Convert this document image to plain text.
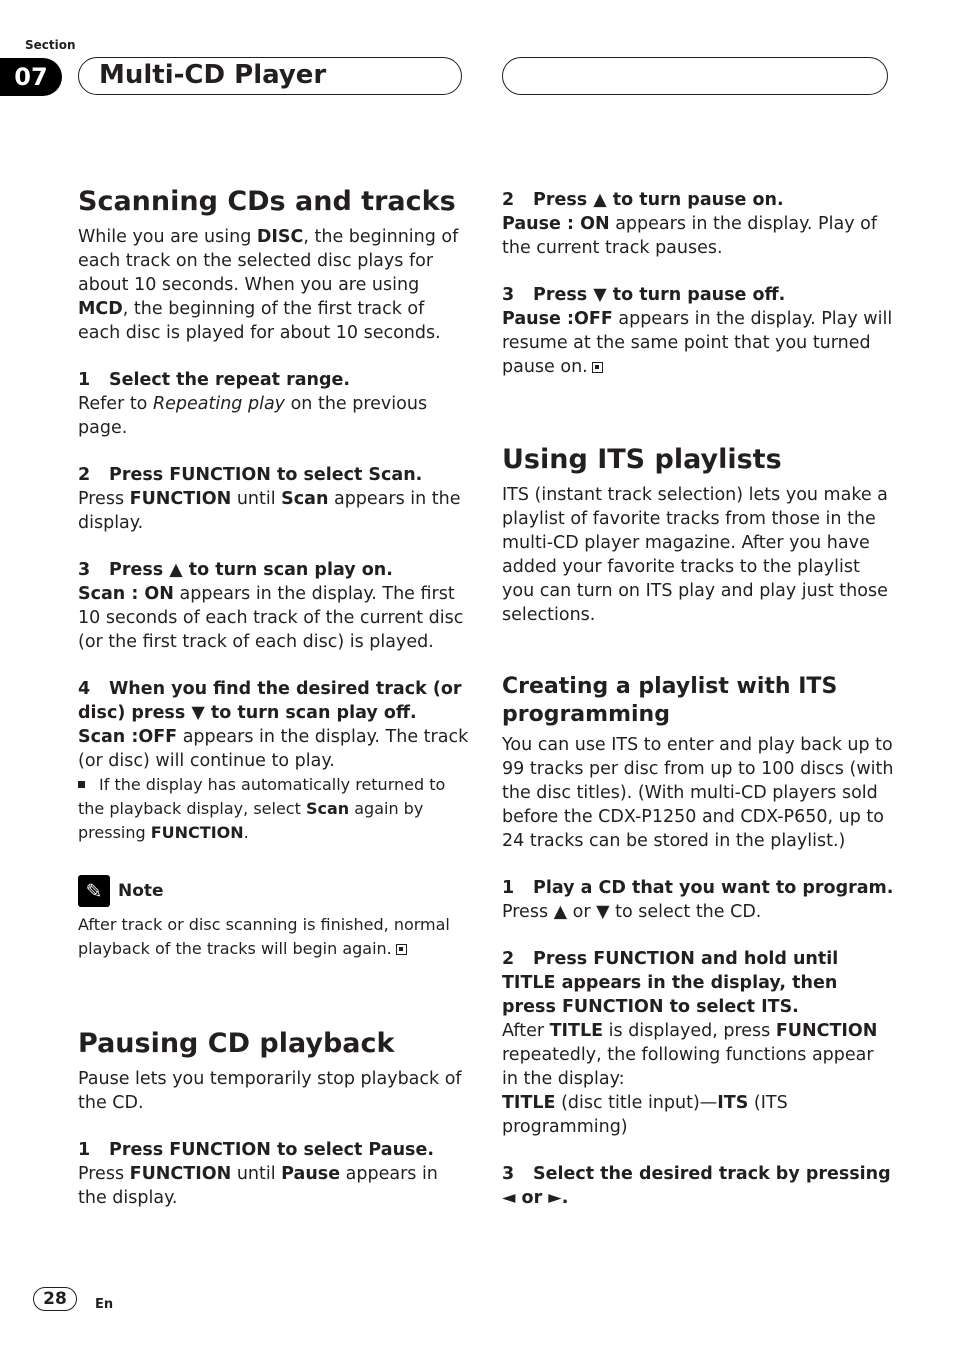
Section
07	Multi-CD Player
Scanning CDs and tracks

While you are using DISC, the beginning of each track on the selected disc plays for about 10 seconds. When you are using MCD, the beginning of the first track of each disc is played for about 10 seconds.

1 Select the repeat range.

Refer to Repeating play on the previous page.

2 Press FUNCTION to select Scan.

Press FUNCTION until Scan appears in the display.

3 Press ▲ to turn scan play on.

Scan : ON appears in the display. The first 10 seconds of each track of the current disc (or the first track of each disc) is played.

4 When you find the desired track (or disc) press ▼ to turn scan play off.

Scan :OFF appears in the display. The track (or disc) will continue to play.

If the display has automatically returned to the playback display, select Scan again by pressing FUNCTION.

✎ Note

After track or disc scanning is finished, normal playback of the tracks will begin again.

Pausing CD playback

Pause lets you temporarily stop playback of the CD.

1 Press FUNCTION to select Pause.

Press FUNCTION until Pause appears in the display.

2 Press ▲ to turn pause on.

Pause : ON appears in the display. Play of the current track pauses.

3 Press ▼ to turn pause off.

Pause :OFF appears in the display. Play will resume at the same point that you turned pause on.

Using ITS playlists

ITS (instant track selection) lets you make a playlist of favorite tracks from those in the multi-CD player magazine. After you have added your favorite tracks to the playlist you can turn on ITS play and play just those selections.

Creating a playlist with ITS programming

You can use ITS to enter and play back up to 99 tracks per disc from up to 100 discs (with the disc titles). (With multi-CD players sold before the CDX-P1250 and CDX-P650, up to 24 tracks can be stored in the playlist.)

1 Play a CD that you want to program.

Press ▲ or ▼ to select the CD.

2 Press FUNCTION and hold until TITLE appears in the display, then press FUNCTION to select ITS.

After TITLE is displayed, press FUNCTION repeatedly, the following functions appear in the display:
TITLE (disc title input)—ITS (ITS programming)

3 Select the desired track by pressing ◄ or ►.

28	En
